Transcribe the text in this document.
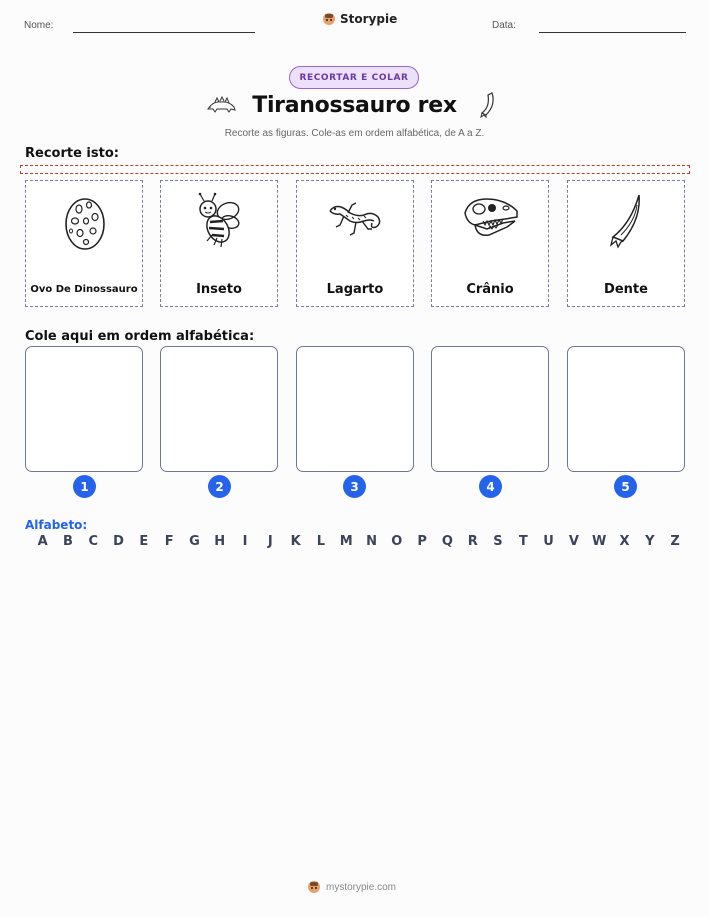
Nome:	Storypie	Data:
RECORTAR E COLAR
Tiranossauro rex
Recorte as figuras. Cole-as em ordem alfabética, de A a Z.
Recorte isto:
Ovo De Dinossauro	Inseto	Lagarto	Crânio	Dente
Cole aqui em ordem alfabética:
1	2	3	4	5
Alfabeto:
A	B	C	D	E	F	G	H	I	J	K	L	M	N	O	P	Q	R	S	T	U	V	W	X	Y	Z
mystorypie.com
